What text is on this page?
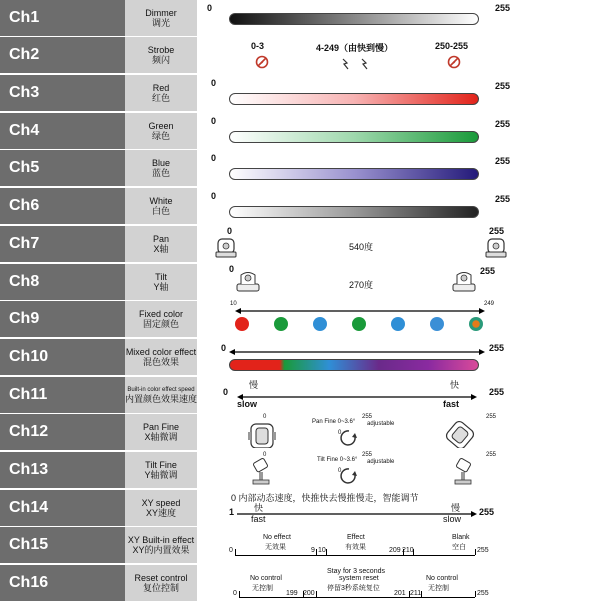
Ch1	Dimmer
调光
0	255
Ch2	Strobe
频闪
0-3	4-249（由快到慢）	250-255
⚡	⚡
Ch3	Red
红色
0	255
Ch4	Green
绿色
0	255
Ch5	Blue
蓝色
0	255
Ch6	White
白色
0	255
Ch7	Pan
X轴
0	255
540度
Ch8	Tilt
Y轴
0	255
270度
Ch9	Fixed color
固定颜色
10	249
Ch10	Mixed color effect
混色效果
0	255
Ch11	Built-in color effect speed
内置颜色效果速度
0	255
慢	快
slow	fast
Ch12	Pan Fine
X轴微调
0	255
Pan Fine 0~3.6° adjustable
255
0
Ch13	Tilt Fine
Y轴微调
0	255
Tilt Fine 0~3.6° adjustable
255
0
Ch14	XY speed
XY速度
0 内部动态速度，快推快去慢推慢走，智能调节
1	255
快	慢
fast	slow
Ch15	XY Built-in effect
XY的内置效果
No effect
无效果
Effect
有效果
Blank
空白
0	9 10	209 210	255
Ch16	Reset control
复位控制
No control
无控制
Stay for 3 seconds
system reset
停留3秒系统复位
No control
无控制
0	199 200	201 211	255
